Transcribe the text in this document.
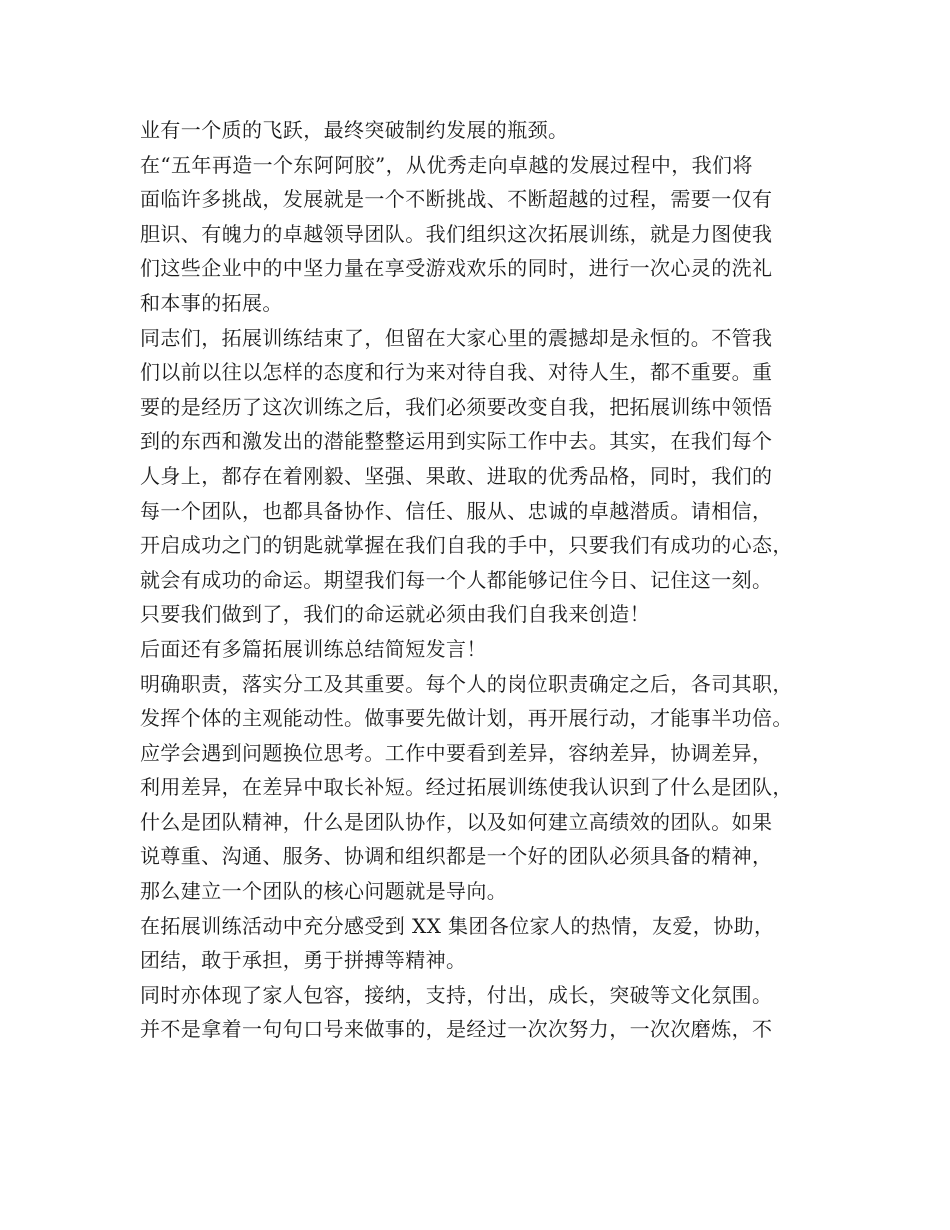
业有一个质的飞跃，最终突破制约发展的瓶颈。
在“五年再造一个东阿阿胶”，从优秀走向卓越的发展过程中，我们将
面临许多挑战，发展就是一个不断挑战、不断超越的过程，需要一仅有
胆识、有魄力的卓越领导团队。我们组织这次拓展训练，就是力图使我
们这些企业中的中坚力量在享受游戏欢乐的同时，进行一次心灵的洗礼
和本事的拓展。
同志们，拓展训练结束了，但留在大家心里的震撼却是永恒的。不管我
们以前以往以怎样的态度和行为来对待自我、对待人生，都不重要。重
要的是经历了这次训练之后，我们必须要改变自我，把拓展训练中领悟
到的东西和激发出的潜能整整运用到实际工作中去。其实，在我们每个
人身上，都存在着刚毅、坚强、果敢、进取的优秀品格，同时，我们的
每一个团队，也都具备协作、信任、服从、忠诚的卓越潜质。请相信，
开启成功之门的钥匙就掌握在我们自我的手中，只要我们有成功的心态，
就会有成功的命运。期望我们每一个人都能够记住今日、记住这一刻。
只要我们做到了，我们的命运就必须由我们自我来创造！
后面还有多篇拓展训练总结简短发言！
明确职责，落实分工及其重要。每个人的岗位职责确定之后，各司其职，
发挥个体的主观能动性。做事要先做计划，再开展行动，才能事半功倍。
应学会遇到问题换位思考。工作中要看到差异，容纳差异，协调差异，
利用差异，在差异中取长补短。经过拓展训练使我认识到了什么是团队，
什么是团队精神，什么是团队协作，以及如何建立高绩效的团队。如果
说尊重、沟通、服务、协调和组织都是一个好的团队必须具备的精神，
那么建立一个团队的核心问题就是导向。
在拓展训练活动中充分感受到 XX 集团各位家人的热情，友爱，协助，
团结，敢于承担，勇于拼搏等精神。
同时亦体现了家人包容，接纳，支持，付出，成长，突破等文化氛围。
并不是拿着一句句口号来做事的，是经过一次次努力，一次次磨炼，不
